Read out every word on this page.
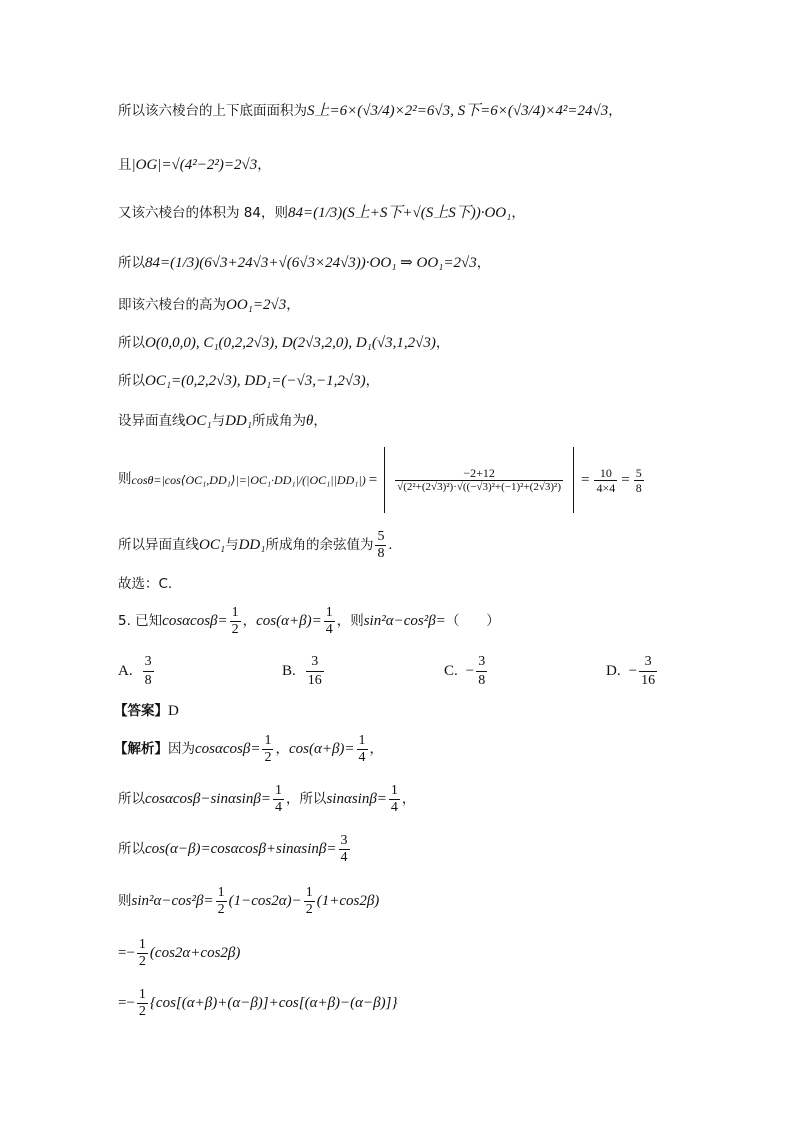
所以该六棱台的上下底面面积为 S上=6×(√3/4)×2²=6√3, S下=6×(√3/4)×4²=24√3 ，
且 |OG|=√(4²−2²)=2√3 ，
又该六棱台的体积为 84，则 84=(1/3)(S上+S下+√(S上S下))·OO₁ ，
所以 84=(1/3)(6√3+24√3+√(6√3×24√3))·OO₁ ⇒ OO₁=2√3 ，
即该六棱台的高为 OO₁=2√3 ，
所以 O(0,0,0), C₁(0,2,2√3), D(2√3,2,0), D₁(√3,1,2√3) ，
所以 OC₁=(0,2,2√3), DD₁=(−√3,−1,2√3) ，
设异面直线 OC₁ 与 DD₁ 所成角为 θ ，
则 cosθ=|cos⟨OC₁,DD₁⟩|=|OC₁·DD₁|/(|OC₁||DD₁|) = $\frac{-2+12}{\text{√(2²+(2√3)²)·√((−√3)²+(−1)²+(2√3)²)}} = \frac{10}{4\times 4} = \frac{5}{8}$
所以异面直线 OC₁ 与 DD₁ 所成角的余弦值为 $\frac{5}{8}$ .
故选：C.
5. 已知 $\cos\alpha\cos\beta= \frac{1}{2}$ ， $\cos(\alpha+\beta)= \frac{1}{4}$ ，则 sin²α−cos²β= （　　）
A. $\frac{3}{8}$	B. $\frac{3}{16}$	C. − $\frac{3}{8}$	D. − $\frac{3}{16}$
【答案】 D
【解析】 因为 $\cos\alpha\cos\beta= \frac{1}{2}$ ， $\cos(\alpha+\beta)= \frac{1}{4}$ ，
所以 $\cos\alpha\cos\beta-\sin\alpha\sin\beta= \frac{1}{4}$ ，所以 $\sin\alpha\sin\beta= \frac{1}{4}$ ，
所以 $\cos(\alpha-\beta)=\cos\alpha\cos\beta+\sin\alpha\sin\beta= \frac{3}{4}$
则 $\sin^2\alpha-\cos^2\beta= \frac{1}{2} (1-\cos 2\alpha)- \frac{1}{2} (1+\cos 2\beta)$
=− $\frac{1}{2} (\cos 2\alpha+\cos 2\beta)$
=− $\frac{1}{2} \{\cos[(\alpha+\beta)+(\alpha-\beta)]+\cos[(\alpha+\beta)-(\alpha-\beta)]\}$
